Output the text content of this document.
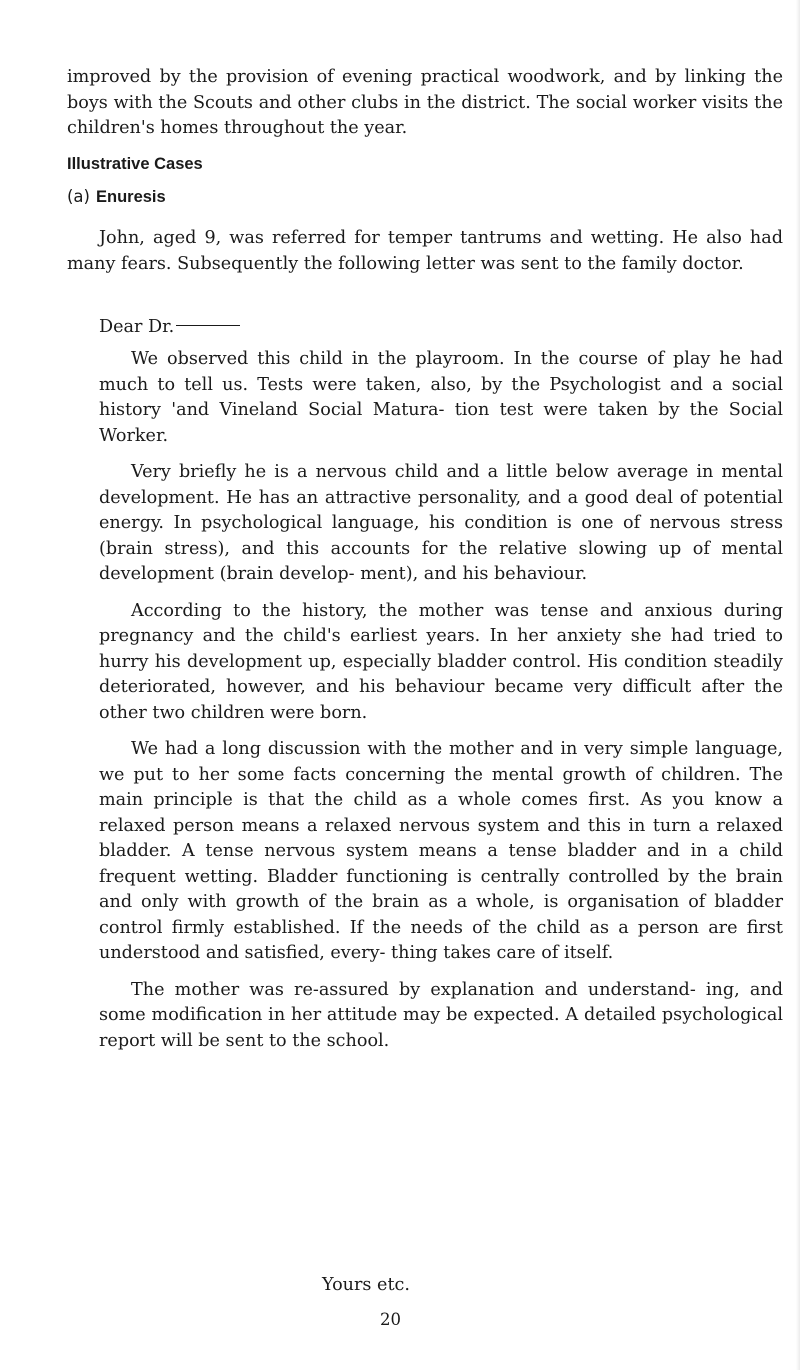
improved by the provision of evening practical woodwork, and by linking the boys with the Scouts and other clubs in the district. The social worker visits the children's homes throughout the year.

Illustrative Cases
(a) Enuresis

John, aged 9, was referred for temper tantrums and wetting. He also had many fears. Subsequently the following letter was sent to the family doctor.

Dear Dr.

We observed this child in the playroom. In the course of play he had much to tell us. Tests were taken, also, by the Psychologist and a social history 'and Vineland Social Matura- tion test were taken by the Social Worker.

Very briefly he is a nervous child and a little below average in mental development. He has an attractive personality, and a good deal of potential energy. In psychological language, his condition is one of nervous stress (brain stress), and this accounts for the relative slowing up of mental development (brain develop- ment), and his behaviour.

According to the history, the mother was tense and anxious during pregnancy and the child's earliest years. In her anxiety she had tried to hurry his development up, especially bladder control. His condition steadily deteriorated, however, and his behaviour became very difficult after the other two children were born.

We had a long discussion with the mother and in very simple language, we put to her some facts concerning the mental growth of children. The main principle is that the child as a whole comes first. As you know a relaxed person means a relaxed nervous system and this in turn a relaxed bladder. A tense nervous system means a tense bladder and in a child frequent wetting. Bladder functioning is centrally controlled by the brain and only with growth of the brain as a whole, is organisation of bladder control firmly established. If the needs of the child as a person are first understood and satisfied, every- thing takes care of itself.

The mother was re-assured by explanation and understand- ing, and some modification in her attitude may be expected. A detailed psychological report will be sent to the school.

Yours etc.
20
